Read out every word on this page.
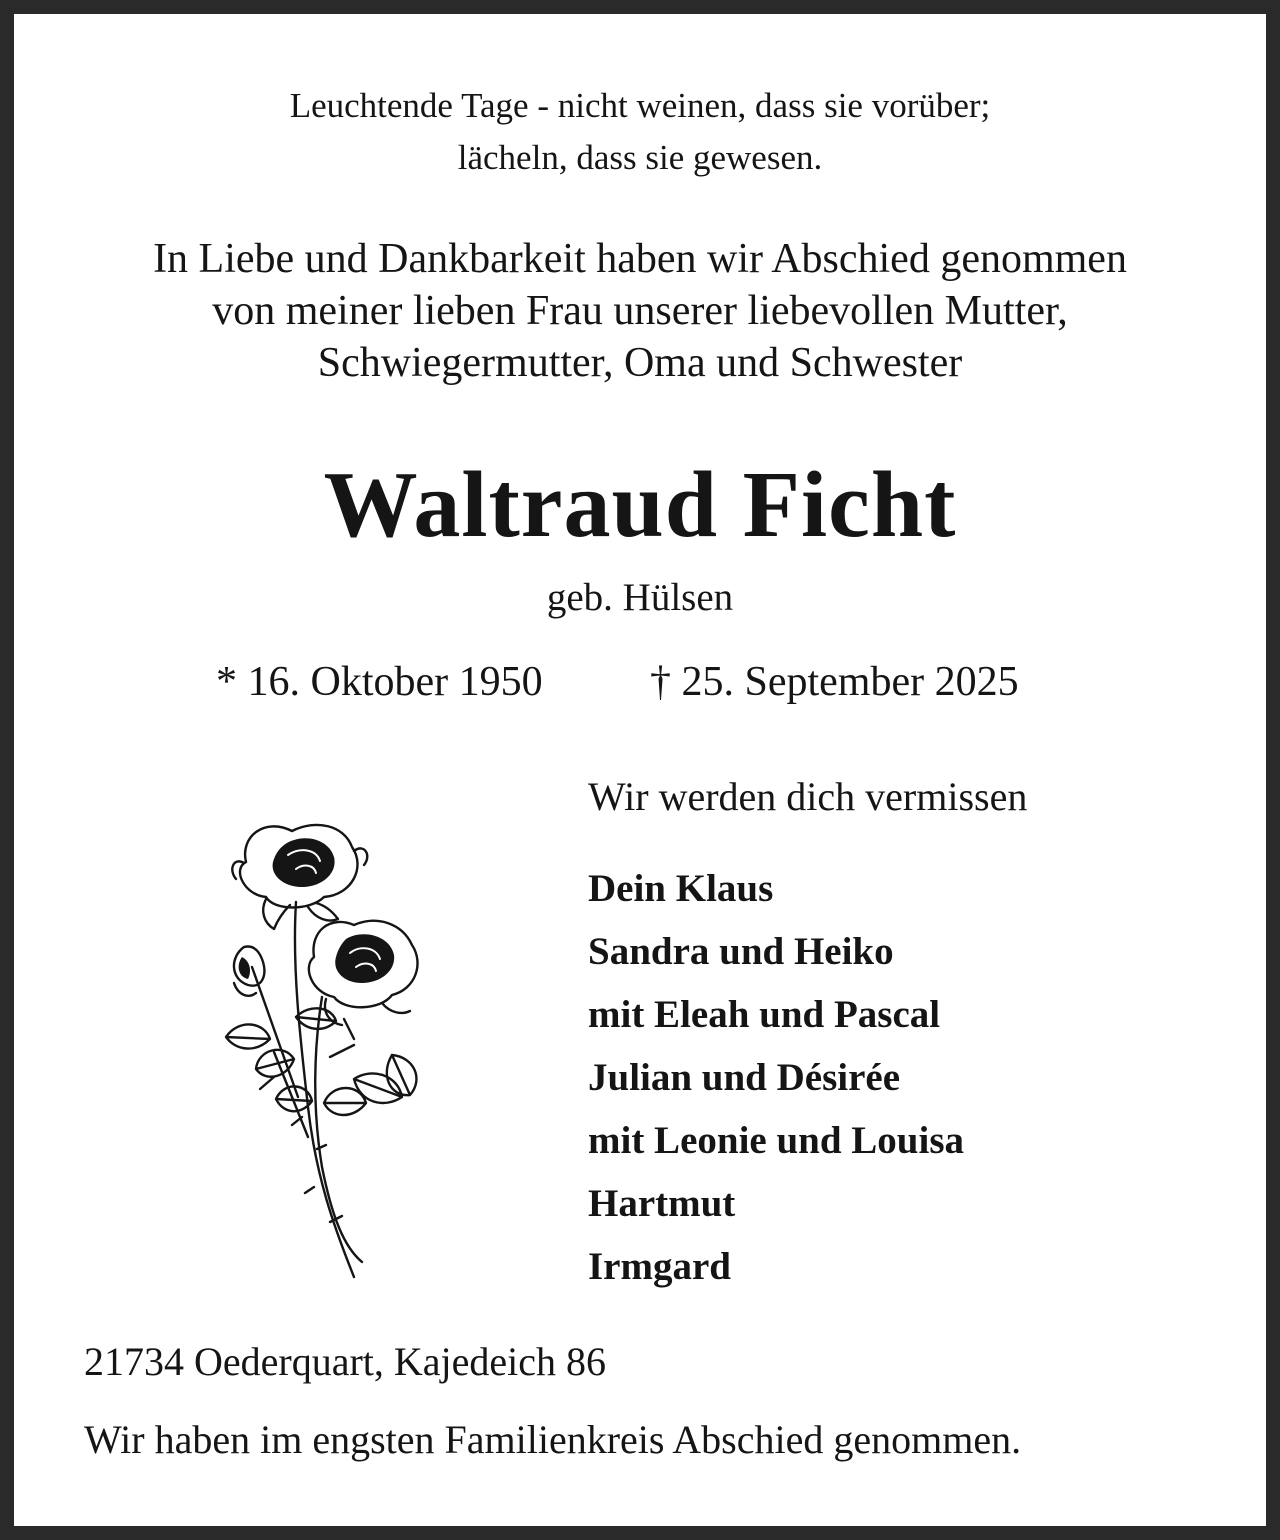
Leuchtende Tage - nicht weinen, dass sie vorüber;
lächeln, dass sie gewesen.
In Liebe und Dankbarkeit haben wir Abschied genommen
von meiner lieben Frau unserer liebevollen Mutter,
Schwiegermutter, Oma und Schwester
Waltraud Ficht
geb. Hülsen
* 16. Oktober 1950	† 25. September 2025
Wir werden dich vermissen
Dein Klaus
Sandra und Heiko
mit Eleah und Pascal
Julian und Désirée
mit Leonie und Louisa
Hartmut
Irmgard
21734 Oederquart, Kajedeich 86
Wir haben im engsten Familienkreis Abschied genommen.
